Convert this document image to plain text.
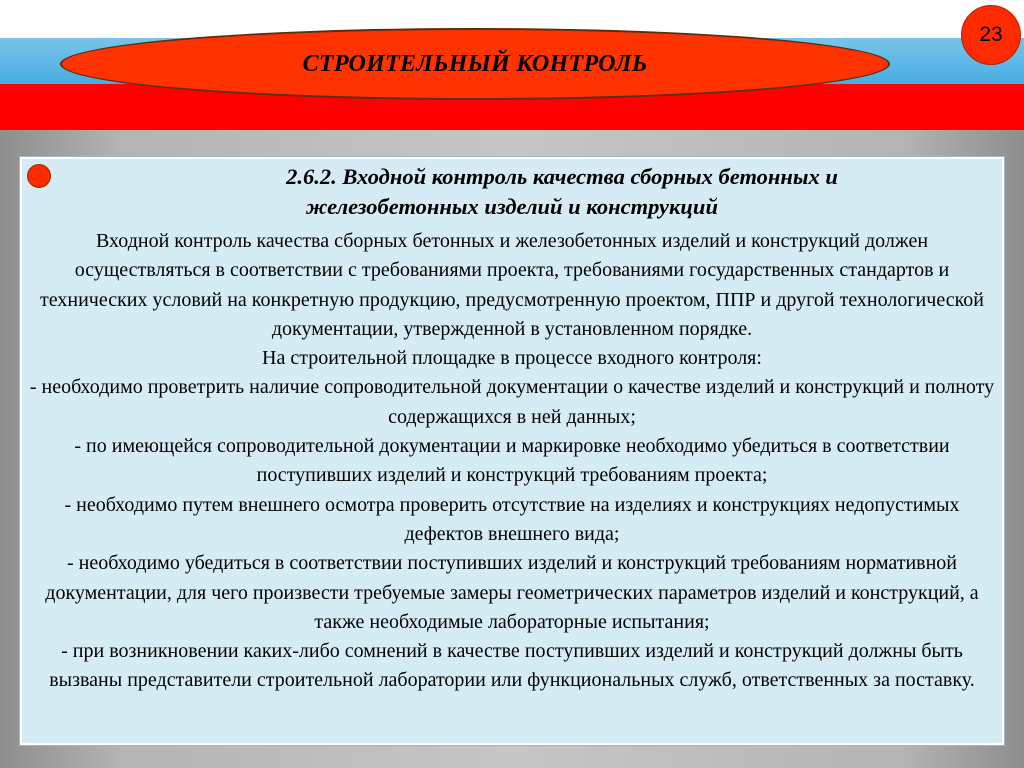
СТРОИТЕЛЬНЫЙ КОНТРОЛЬ
23
2.6.2. Входной контроль качества сборных бетонных и
железобетонных изделий и конструкций

Входной контроль качества сборных бетонных и железобетонных изделий и конструкций должен осуществляться в соответствии с требованиями проекта, требованиями государственных стандартов и технических условий на конкретную продукцию, предусмотренную проектом, ППР и другой технологической документации, утвержденной в установленном порядке.

На строительной площадке в процессе входного контроля:

- необходимо проветрить наличие сопроводительной документации о качестве изделий и конструкций и полноту содержащихся в ней данных;

- по имеющейся сопроводительной документации и маркировке необходимо убедиться в соответствии поступивших изделий и конструкций требованиям проекта;

- необходимо путем внешнего осмотра проверить отсутствие на изделиях и конструкциях недопустимых дефектов внешнего вида;

- необходимо убедиться в соответствии поступивших изделий и конструкций требованиям нормативной документации, для чего произвести требуемые замеры геометрических параметров изделий и конструкций, а также необходимые лабораторные испытания;

- при возникновении каких-либо сомнений в качестве поступивших изделий и конструкций должны быть вызваны представители строительной лаборатории или функциональных служб, ответственных за поставку.
